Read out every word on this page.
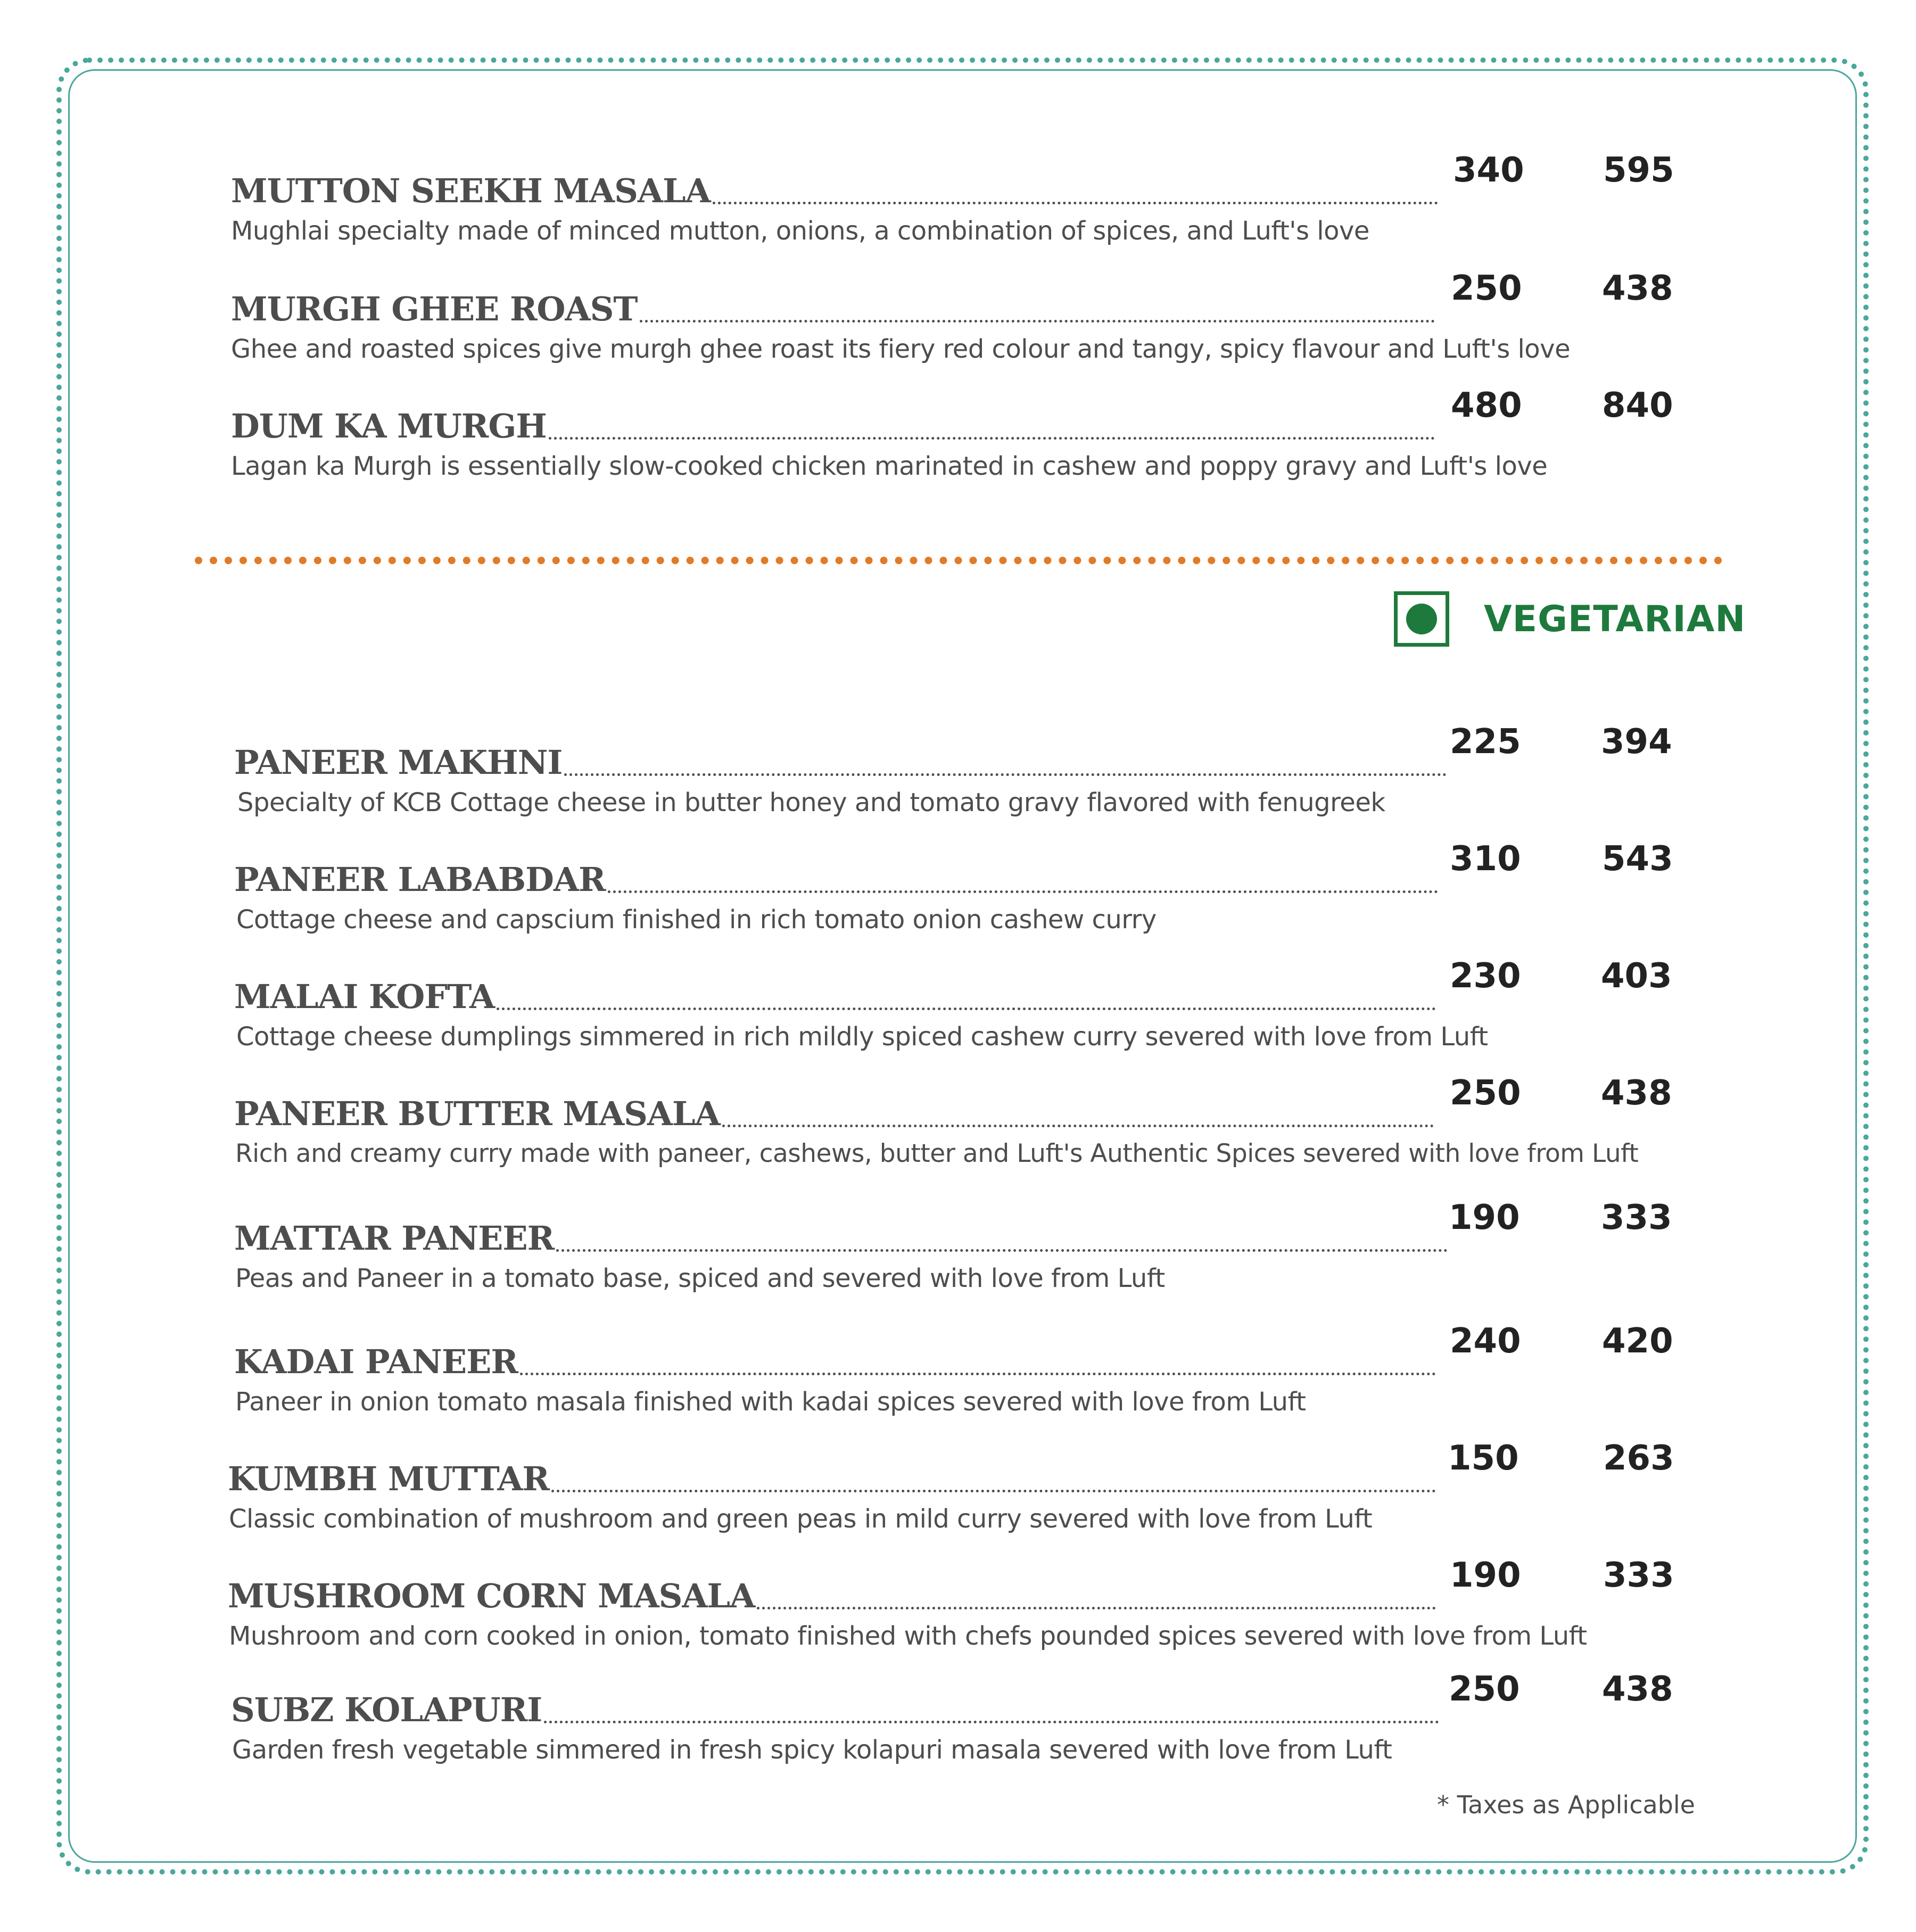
MUTTON SEEKH MASALA
340 595
Mughlai specialty made of minced mutton, onions, a combination of spices, and Luft's love
MURGH GHEE ROAST
250 438
Ghee and roasted spices give murgh ghee roast its fiery red colour and tangy, spicy flavour and Luft's love
DUM KA MURGH
480 840
Lagan ka Murgh is essentially slow-cooked chicken marinated in cashew and poppy gravy and Luft's love
VEGETARIAN
PANEER MAKHNI
225 394
Specialty of KCB Cottage cheese in butter honey and tomato gravy flavored with fenugreek
PANEER LABABDAR
310 543
Cottage cheese and capscium finished in rich tomato onion cashew curry
MALAI KOFTA
230 403
Cottage cheese dumplings simmered in rich mildly spiced cashew curry severed with love from Luft
PANEER BUTTER MASALA
250 438
Rich and creamy curry made with paneer, cashews, butter and Luft's Authentic Spices severed with love from Luft
MATTAR PANEER
190 333
Peas and Paneer in a tomato base, spiced and severed with love from Luft
KADAI PANEER
240 420
Paneer in onion tomato masala finished with kadai spices severed with love from Luft
KUMBH MUTTAR
150 263
Classic combination of mushroom and green peas in mild curry severed with love from Luft
MUSHROOM CORN MASALA
190 333
Mushroom and corn cooked in onion, tomato finished with chefs pounded spices severed with love from Luft
SUBZ KOLAPURI
250 438
Garden fresh vegetable simmered in fresh spicy kolapuri masala severed with love from Luft
* Taxes as Applicable
